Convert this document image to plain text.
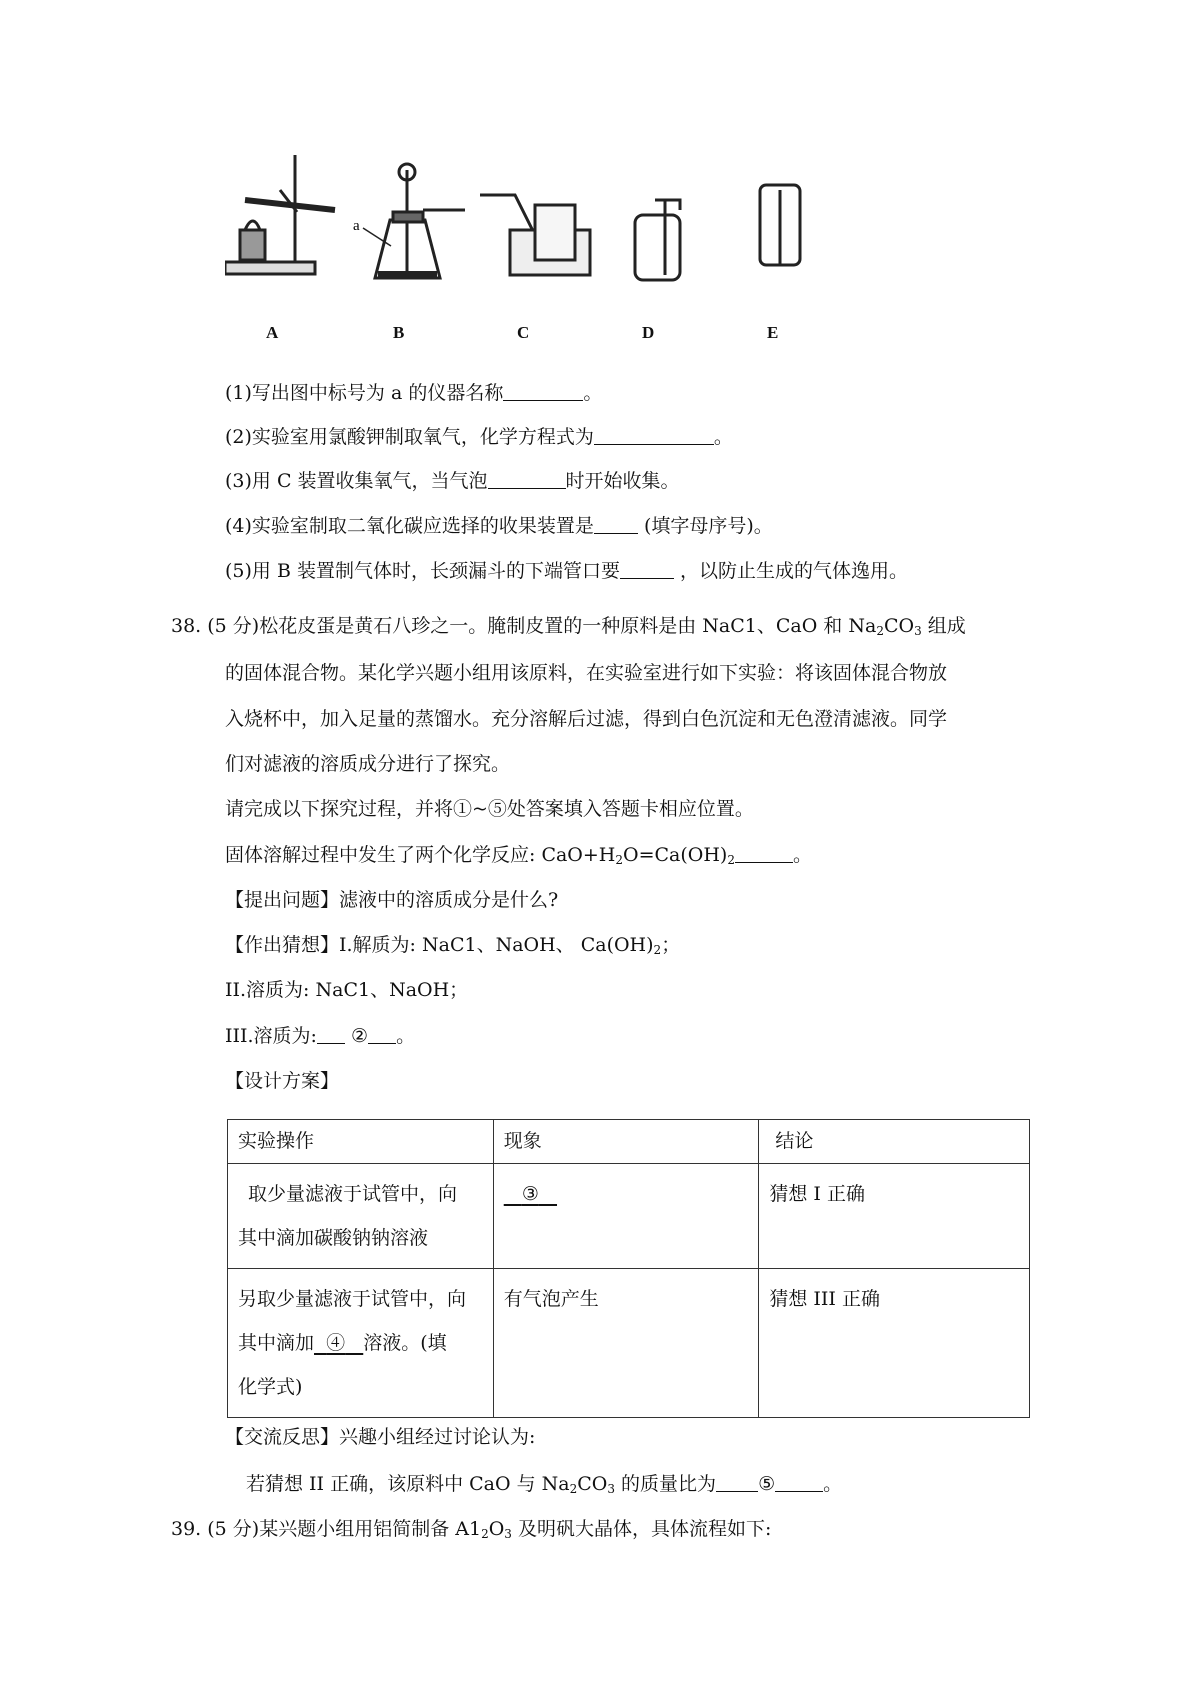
a
A	B	C	D	E
(1)写出图中标号为 a 的仪器名称	。
(2)实验室用氯酸钾制取氧气，化学方程式为	。
(3)用 C 装置收集氧气，当气泡	时开始收集。
(4)实验室制取二氧化碳应选择的收果装置是	(填字母序号)。
(5)用 B 装置制气体时，长颈漏斗的下端管口要	，以防止生成的气体逸用。
38. (5 分)松花皮蛋是黄石八珍之一。腌制皮置的一种原料是由 NaC1、CaO 和 $Na_2CO_3$ 组成
的固体混合物。某化学兴题小组用该原料，在实验室进行如下实验：将该固体混合物放
入烧杯中，加入足量的蒸馏水。充分溶解后过滤，得到白色沉淀和无色澄清滤液。同学
们对滤液的溶质成分进行了探究。
请完成以下探究过程，并将①~⑤处答案填入答题卡相应位置。
固体溶解过程中发生了两个化学反应: $CaO+H_2O=Ca(OH)_2$	。
【提出问题】滤液中的溶质成分是什么?
【作出猜想】I.解质为: NaC1、NaOH、 $Ca(OH)_2$；
II.溶质为: NaC1、NaOH；
III.溶质为: ② 。
【设计方案】
实验操作	现象	结论

取少量滤液于试管中，向
其中滴加碳酸钠钠溶液	③	猜想 I 正确

另取少量滤液于试管中，向
其中滴加 ④ 溶液。(填
化学式)	有气泡产生	猜想 III 正确
【交流反思】兴趣小组经过讨论认为:
若猜想 II 正确，该原料中 CaO 与 $Na_2CO_3$ 的质量比为 ⑤	。
39. (5 分)某兴题小组用铝简制备 $A1_2O_3$ 及明矾大晶体，具体流程如下:
